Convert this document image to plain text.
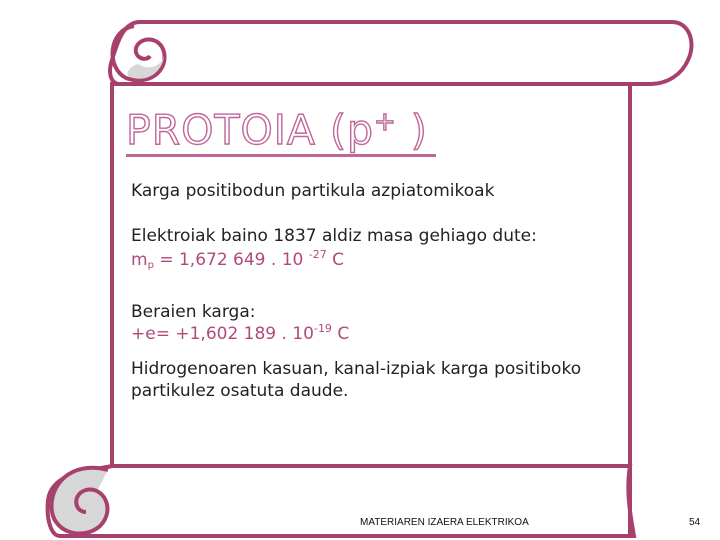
PROTOIA (p+ )
Karga positibodun partikula azpiatomikoak
Elektroiak baino 1837 aldiz masa gehiago dute:
$m_p = 1,672$ 649 . 10 $^{-27}$ C
Beraien karga:
+e= +1,602 189 . $10^{-19}$ C
Hidrogenoaren kasuan, kanal-izpiak karga positiboko
partikulez osatuta daude.
MATERIAREN IZAERA ELEKTRIKOA	54
